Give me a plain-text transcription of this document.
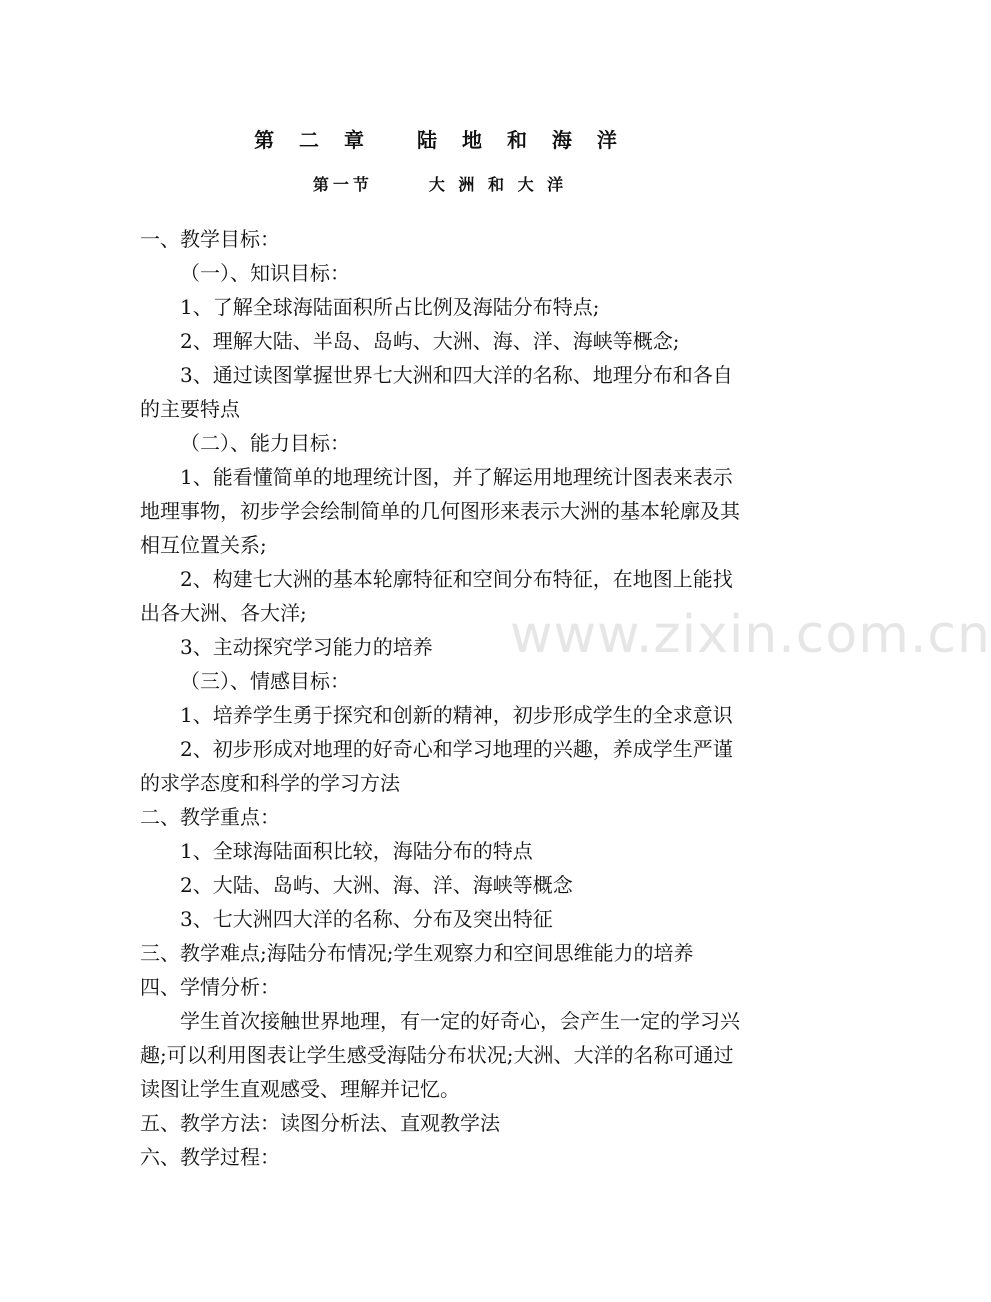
www.zixin.com.cn
第 二 章 陆 地 和 海 洋
第一节	大 洲 和 大 洋
一、教学目标：
（一）、知识目标：
1、了解全球海陆面积所占比例及海陆分布特点;
2、理解大陆、半岛、岛屿、大洲、海、洋、海峡等概念;
3、通过读图掌握世界七大洲和四大洋的名称、地理分布和各自
的主要特点
（二）、能力目标：
1、能看懂简单的地理统计图，并了解运用地理统计图表来表示
地理事物，初步学会绘制简单的几何图形来表示大洲的基本轮廓及其
相互位置关系;
2、构建七大洲的基本轮廓特征和空间分布特征，在地图上能找
出各大洲、各大洋;
3、主动探究学习能力的培养
（三）、情感目标：
1、培养学生勇于探究和创新的精神，初步形成学生的全求意识
2、初步形成对地理的好奇心和学习地理的兴趣，养成学生严谨
的求学态度和科学的学习方法
二、教学重点：
1、全球海陆面积比较，海陆分布的特点
2、大陆、岛屿、大洲、海、洋、海峡等概念
3、七大洲四大洋的名称、分布及突出特征
三、教学难点;海陆分布情况;学生观察力和空间思维能力的培养
四、学情分析：
学生首次接触世界地理，有一定的好奇心，会产生一定的学习兴
趣;可以利用图表让学生感受海陆分布状况;大洲、大洋的名称可通过
读图让学生直观感受、理解并记忆。
五、教学方法：读图分析法、直观教学法
六、教学过程：
